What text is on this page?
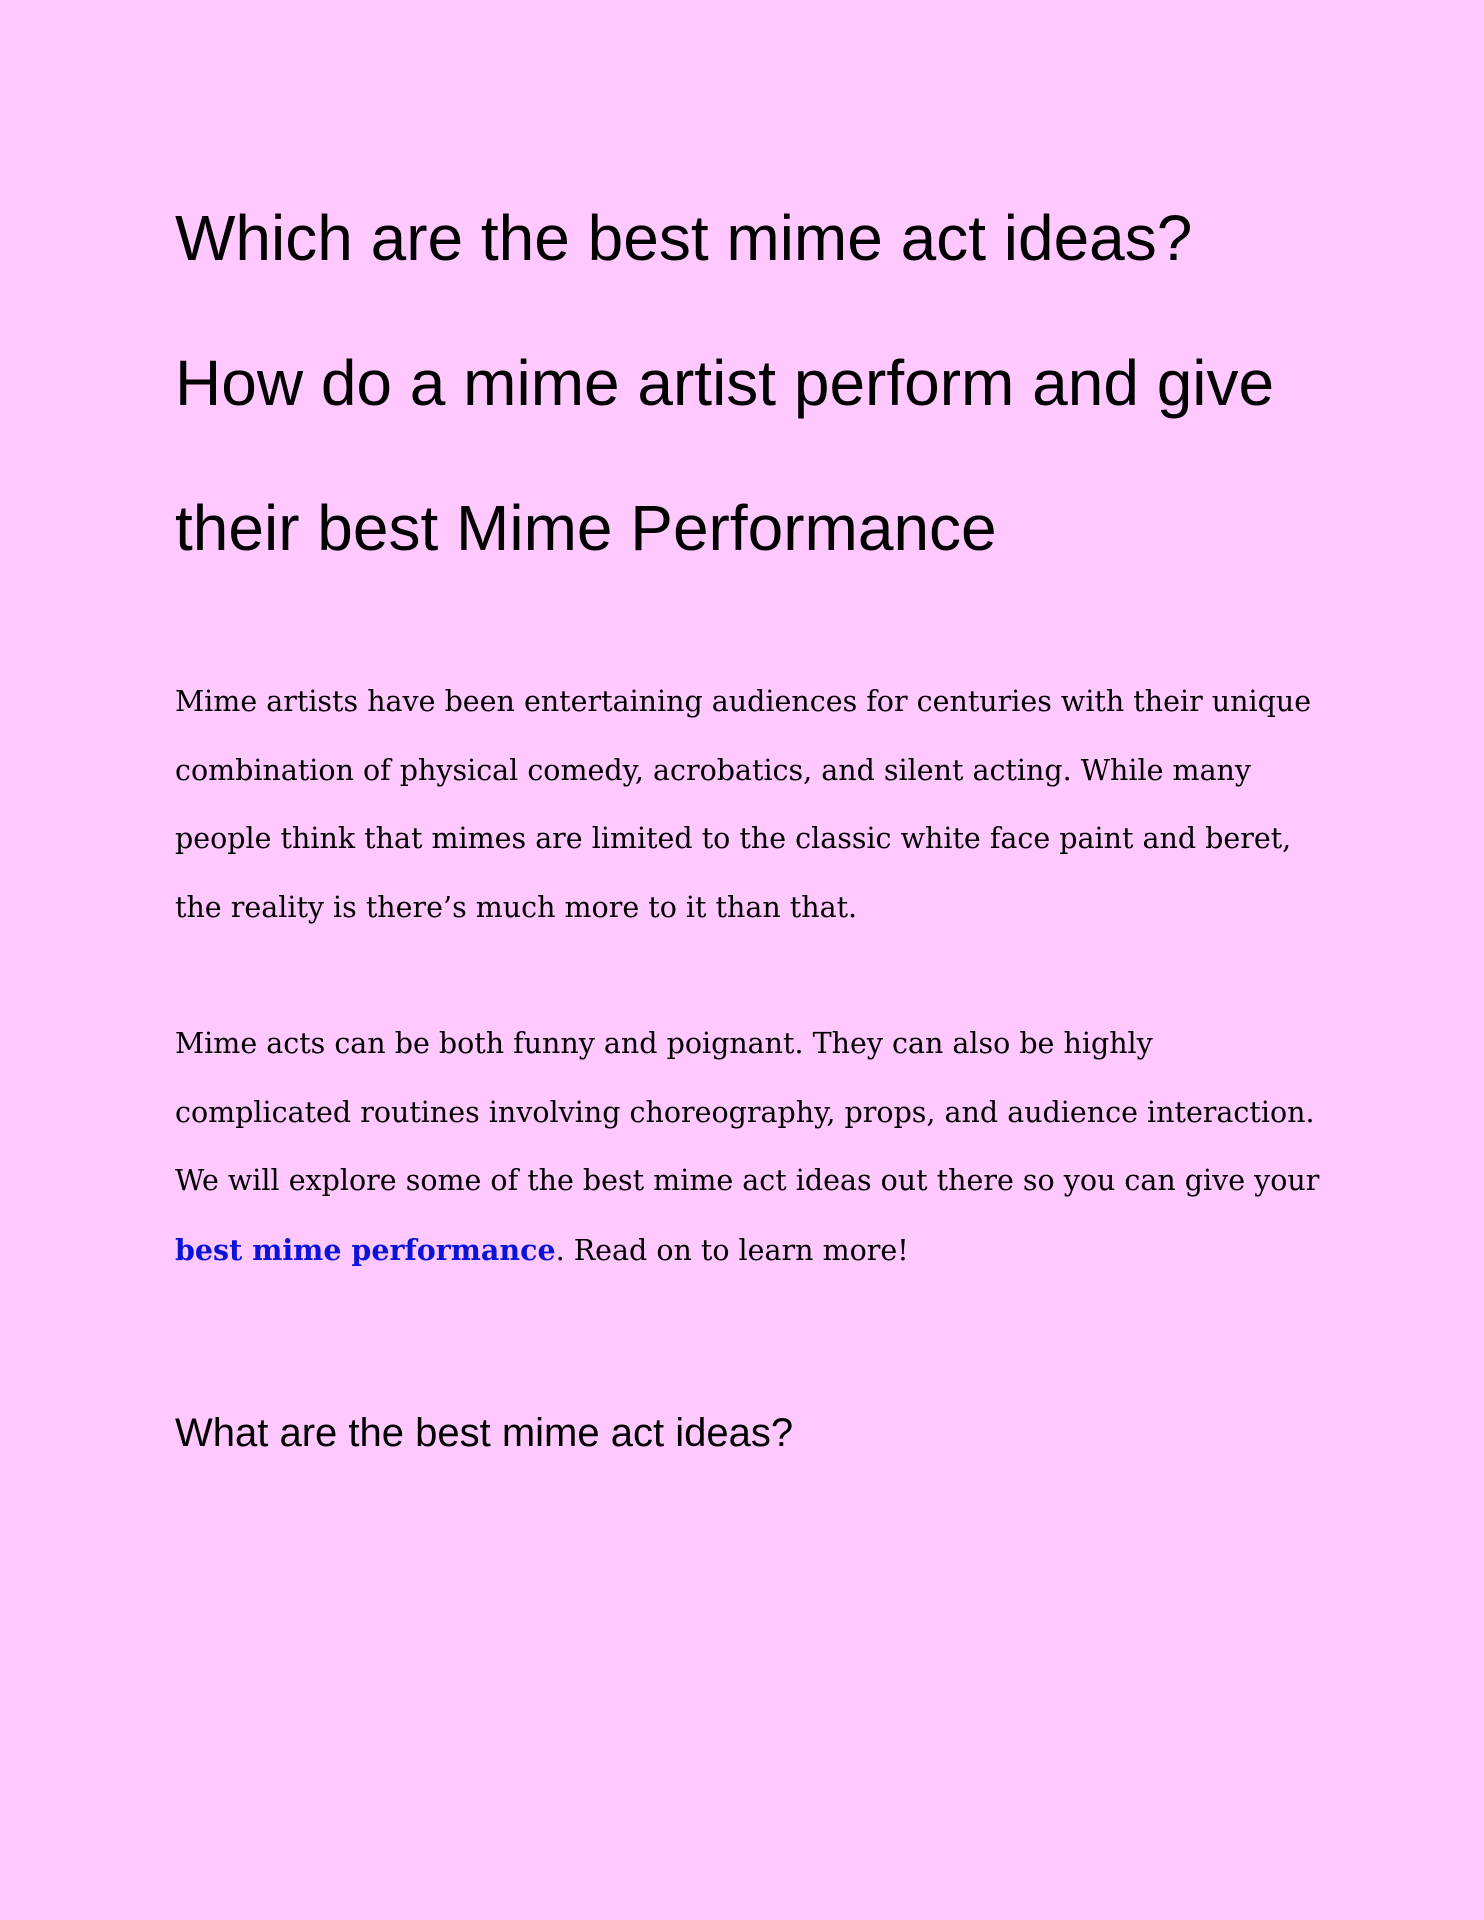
Which are the best mime act ideas?
How do a mime artist perform and give
their best Mime Performance

Mime artists have been entertaining audiences for centuries with their unique
combination of physical comedy, acrobatics, and silent acting. While many
people think that mimes are limited to the classic white face paint and beret,
the reality is there’s much more to it than that.

Mime acts can be both funny and poignant. They can also be highly
complicated routines involving choreography, props, and audience interaction.
We will explore some of the best mime act ideas out there so you can give your
best mime performance. Read on to learn more!

What are the best mime act ideas?
